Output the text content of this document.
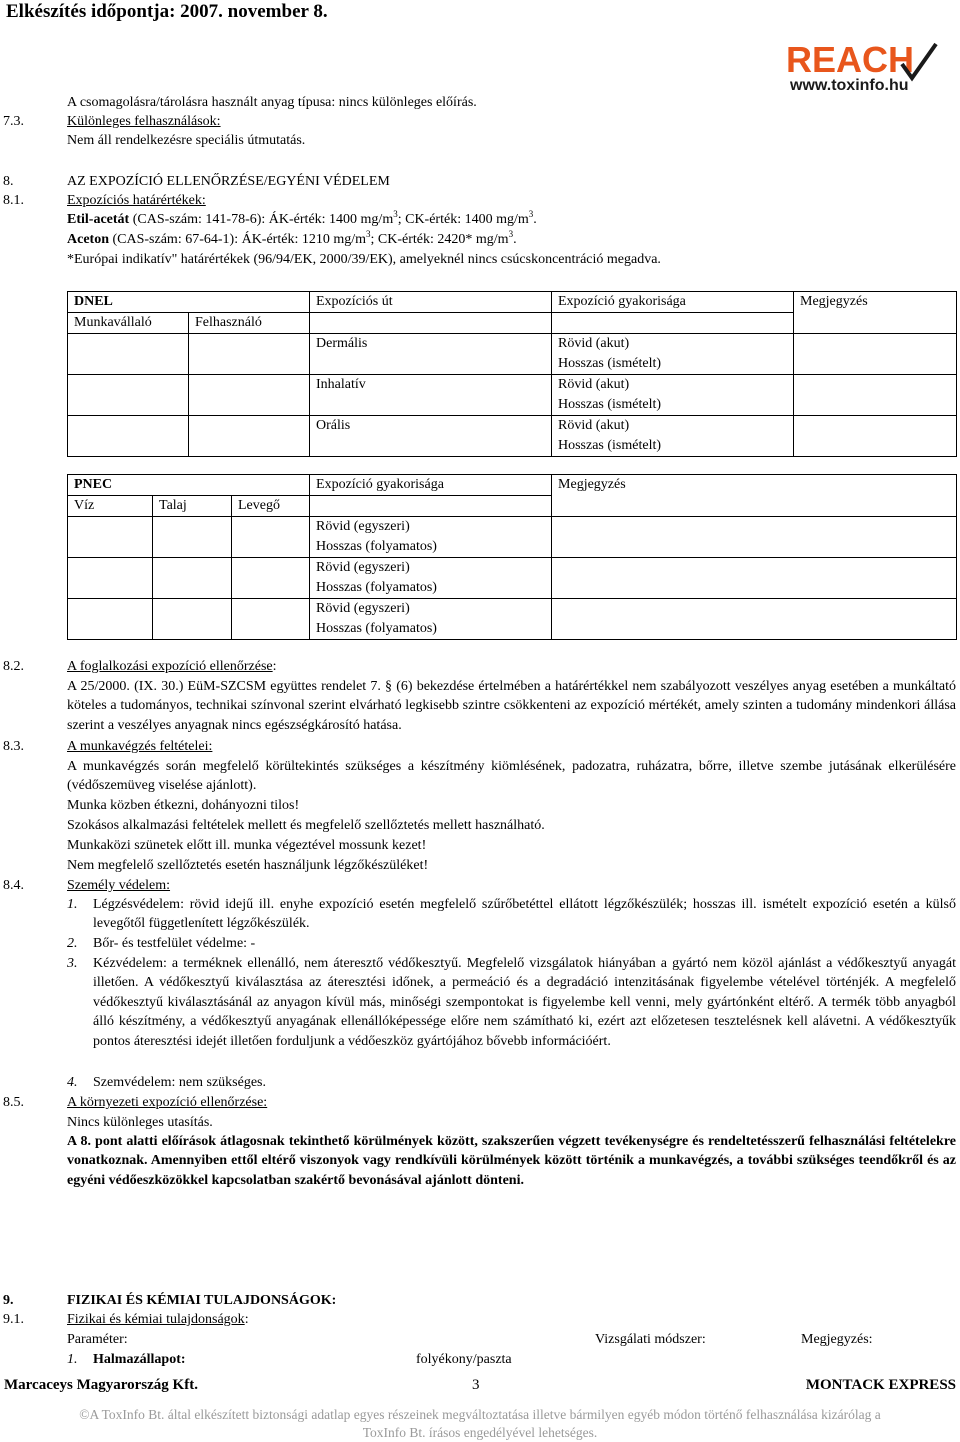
Elkészítés időpontja: 2007. november 8.
REACH
www.toxinfo.hu
A csomagolásra/tárolásra használt anyag típusa: nincs különleges előírás.
7.3.	Különleges felhasználások:
Nem áll rendelkezésre speciális útmutatás.
8.	AZ EXPOZÍCIÓ ELLENŐRZÉSE/EGYÉNI VÉDELEM
8.1.	Expozíciós határértékek:
Etil-acetát (CAS-szám: 141-78-6): ÁK-érték: 1400 $mg/m^3$; CK-érték: 1400 $mg/m^3$.
Aceton (CAS-szám: 67-64-1): ÁK-érték: 1210 $mg/m^3$; CK-érték: 2420* $mg/m^3$.
*Európai indikatív" határértékek (96/94/EK, 2000/39/EK), amelyeknél nincs csúcskoncentráció megadva.
DNEL		Expozíciós út	Expozíció gyakorisága	Megjegyzés
Munkavállaló	Felhasználó			
		Dermális	Rövid (akut)
Hosszas (ismételt)	
		Inhalatív	Rövid (akut)
Hosszas (ismételt)	
		Orális	Rövid (akut)
Hosszas (ismételt)	
PNEC			Expozíció gyakorisága	Megjegyzés
Víz	Talaj	Levegő		
			Rövid (egyszeri)
Hosszas (folyamatos)	
			Rövid (egyszeri)
Hosszas (folyamatos)	
			Rövid (egyszeri)
Hosszas (folyamatos)	
8.2.	A foglalkozási expozíció ellenőrzése:
A 25/2000. (IX. 30.) EüM-SZCSM együttes rendelet 7. § (6) bekezdése értelmében a határértékkel nem szabályozott veszélyes anyag esetében a munkáltató köteles a tudományos, technikai színvonal szerint elvárható legkisebb szintre csökkenteni az expozíció mértékét, amely szinten a tudomány mindenkori állása szerint a veszélyes anyagnak nincs egészségkárosító hatása.
8.3.	A munkavégzés feltételei:
A munkavégzés során megfelelő körültekintés szükséges a készítmény kiömlésének, padozatra, ruházatra, bőrre, illetve szembe jutásának elkerülésére (védőszemüveg viselése ajánlott).
Munka közben étkezni, dohányozni tilos!
Szokásos alkalmazási feltételek mellett és megfelelő szellőztetés mellett használható.
Munkaközi szünetek előtt ill. munka végeztével mossunk kezet!
Nem megfelelő szellőztetés esetén használjunk légzőkészüléket!
8.4.	Személy védelem:
1. Légzésvédelem: rövid idejű ill. enyhe expozíció esetén megfelelő szűrőbetéttel ellátott légzőkészülék; hosszas ill. ismételt expozíció esetén a külső levegőtől függetlenített légzőkészülék.
2. Bőr- és testfelület védelme: -
3. Kézvédelem: a terméknek ellenálló, nem áteresztő védőkesztyű. Megfelelő vizsgálatok hiányában a gyártó nem közöl ajánlást a védőkesztyű anyagát illetően. A védőkesztyű kiválasztása az áteresztési időnek, a permeáció és a degradáció intenzitásának figyelembe vételével történjék. A megfelelő védőkesztyű kiválasztásánál az anyagon kívül más, minőségi szempontokat is figyelembe kell venni, mely gyártónként eltérő. A termék több anyagból álló készítmény, a védőkesztyű anyagának ellenállóképessége előre nem számítható ki, ezért azt előzetesen tesztelésnek kell alávetni. A védőkesztyűk pontos áteresztési idejét illetően forduljunk a védőeszköz gyártójához bővebb információért.
4. Szemvédelem: nem szükséges.
8.5.	A környezeti expozíció ellenőrzése:
Nincs különleges utasítás.
A 8. pont alatti előírások átlagosnak tekinthető körülmények között, szakszerűen végzett tevékenységre és rendeltetésszerű felhasználási feltételekre vonatkoznak. Amennyiben ettől eltérő viszonyok vagy rendkívüli körülmények között történik a munkavégzés, a további szükséges teendőkről és az egyéni védőeszközökkel kapcsolatban szakértő bevonásával ajánlott dönteni.
9.	FIZIKAI ÉS KÉMIAI TULAJDONSÁGOK:
9.1.	Fizikai és kémiai tulajdonságok:
Paraméter:	Vizsgálati módszer:	Megjegyzés:
1. Halmazállapot:	folyékony/paszta
Marcaceys Magyarország Kft.	3	MONTACK EXPRESS
©A ToxInfo Bt. által elkészített biztonsági adatlap egyes részeinek megváltoztatása illetve bármilyen egyéb módon történő felhasználása kizárólag a
ToxInfo Bt. írásos engedélyével lehetséges.
